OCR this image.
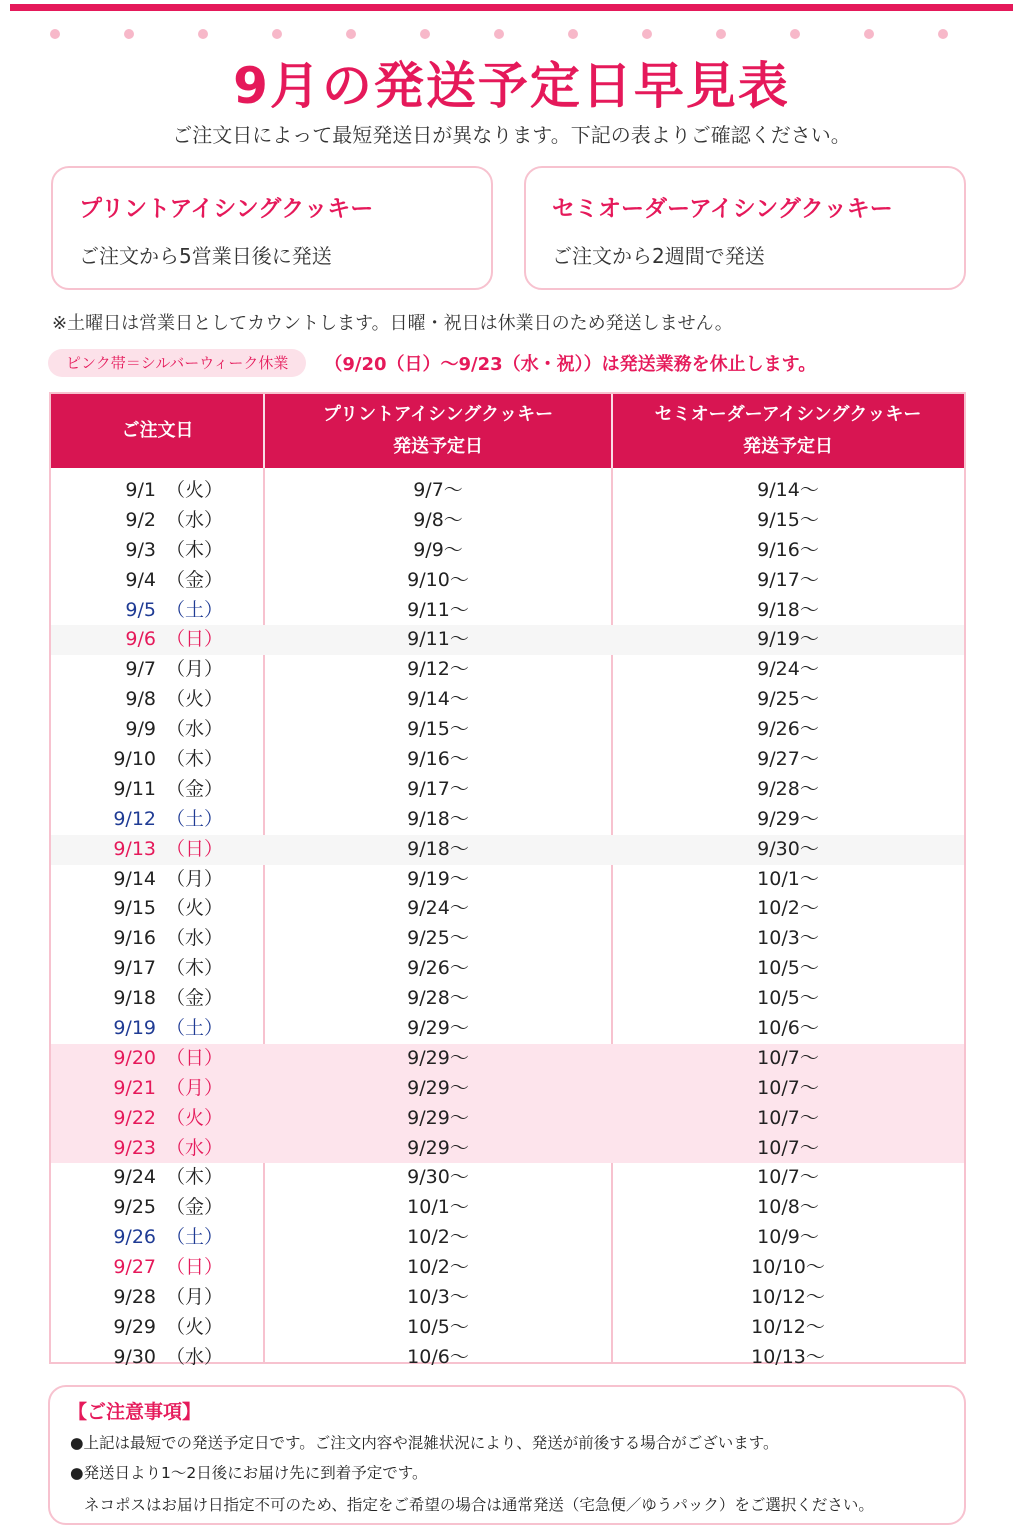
9月の発送予定日早見表

ご注文日によって最短発送日が異なります。下記の表よりご確認ください。

プリントアイシングクッキー
ご注文から5営業日後に発送
セミオーダーアイシングクッキー
ご注文から2週間で発送

※土曜日は営業日としてカウントします。日曜・祝日は休業日のため発送しません。

ピンク帯＝シルバーウィーク休業	（9/20（日）〜9/23（水・祝））は発送業務を休止します。
ご注文日
プリントアイシングクッキー
発送予定日
セミオーダーアイシングクッキー
発送予定日
9/1 （火）	9/7〜	9/14〜
9/2 （水）	9/8〜	9/15〜
9/3 （木）	9/9〜	9/16〜
9/4 （金）	9/10〜	9/17〜
9/5 （土）	9/11〜	9/18〜
9/6 （日）	9/11〜	9/19〜
9/7 （月）	9/12〜	9/24〜
9/8 （火）	9/14〜	9/25〜
9/9 （水）	9/15〜	9/26〜
9/10 （木）	9/16〜	9/27〜
9/11 （金）	9/17〜	9/28〜
9/12 （土）	9/18〜	9/29〜
9/13 （日）	9/18〜	9/30〜
9/14 （月）	9/19〜	10/1〜
9/15 （火）	9/24〜	10/2〜
9/16 （水）	9/25〜	10/3〜
9/17 （木）	9/26〜	10/5〜
9/18 （金）	9/28〜	10/5〜
9/19 （土）	9/29〜	10/6〜
9/20 （日）	9/29〜	10/7〜
9/21 （月）	9/29〜	10/7〜
9/22 （火）	9/29〜	10/7〜
9/23 （水）	9/29〜	10/7〜
9/24 （木）	9/30〜	10/7〜
9/25 （金）	10/1〜	10/8〜
9/26 （土）	10/2〜	10/9〜
9/27 （日）	10/2〜	10/10〜
9/28 （月）	10/3〜	10/12〜
9/29 （火）	10/5〜	10/12〜
9/30 （水）	10/6〜	10/13〜
【ご注意事項】
●上記は最短での発送予定日です。ご注文内容や混雑状況により、発送が前後する場合がございます。
●発送日より1〜2日後にお届け先に到着予定です。
ネコポスはお届け日指定不可のため、指定をご希望の場合は通常発送（宅急便／ゆうパック）をご選択ください。
